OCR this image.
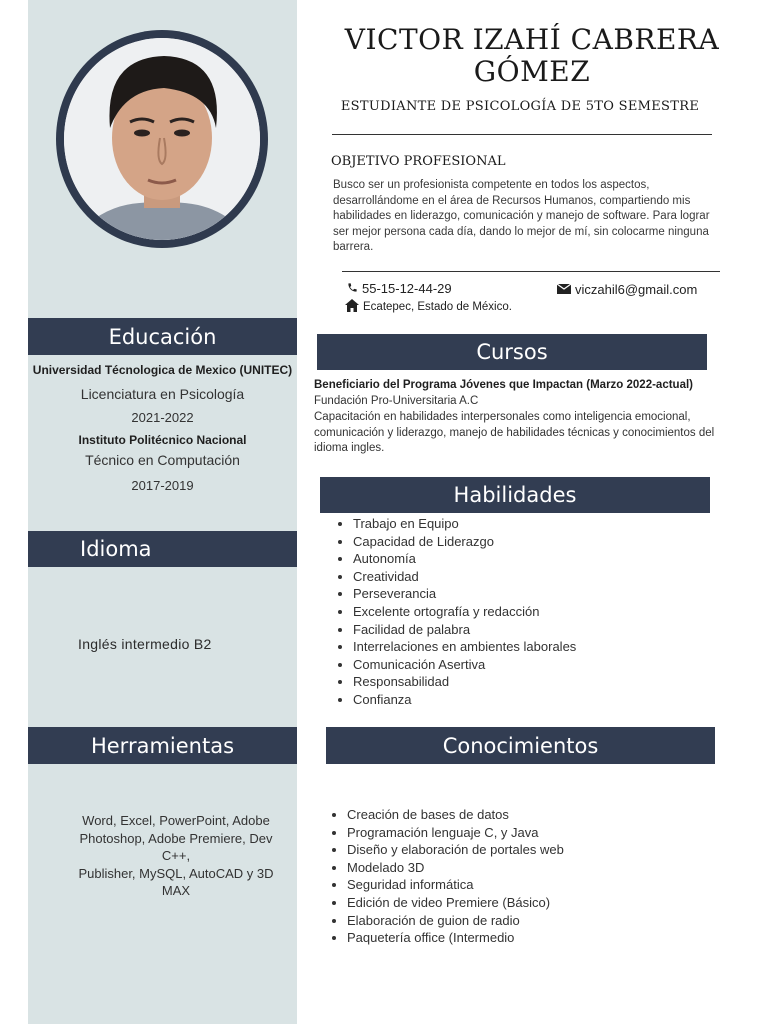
VICTOR IZAHÍ CABRERA
GÓMEZ
ESTUDIANTE DE PSICOLOGÍA DE 5TO SEMESTRE
OBJETIVO PROFESIONAL
Busco ser un profesionista competente en todos los aspectos, desarrollándome en el área de Recursos Humanos, compartiendo mis habilidades en liderazgo, comunicación y manejo de software. Para lograr ser mejor persona cada día, dando lo mejor de mí, sin colocarme ninguna barrera.
55-15-12-44-29	viczahil6@gmail.com
Ecatepec, Estado de México.
Educación
Universidad Técnologica de Mexico (UNITEC)
Licenciatura en Psicología
2021-2022
Instituto Politécnico Nacional
Técnico en Computación
2017-2019
Idioma
Inglés intermedio B2
Herramientas
Word, Excel, PowerPoint, Adobe
Photoshop, Adobe Premiere, Dev
C++,
Publisher, MySQL, AutoCAD y 3D
MAX
Cursos
Beneficiario del Programa Jóvenes que Impactan (Marzo 2022-actual)
Fundación Pro-Universitaria A.C
Capacitación en habilidades interpersonales como inteligencia emocional, comunicación y liderazgo, manejo de habilidades técnicas y conocimientos del idioma ingles.
Habilidades
• Trabajo en Equipo
• Capacidad de Liderazgo
• Autonomía
• Creatividad
• Perseverancia
• Excelente ortografía y redacción
• Facilidad de palabra
• Interrelaciones en ambientes laborales
• Comunicación Asertiva
• Responsabilidad
• Confianza
Conocimientos
• Creación de bases de datos
• Programación lenguaje C, y Java
• Diseño y elaboración de portales web
• Modelado 3D
• Seguridad informática
• Edición de video Premiere (Básico)
• Elaboración de guion de radio
• Paquetería office (Intermedio
